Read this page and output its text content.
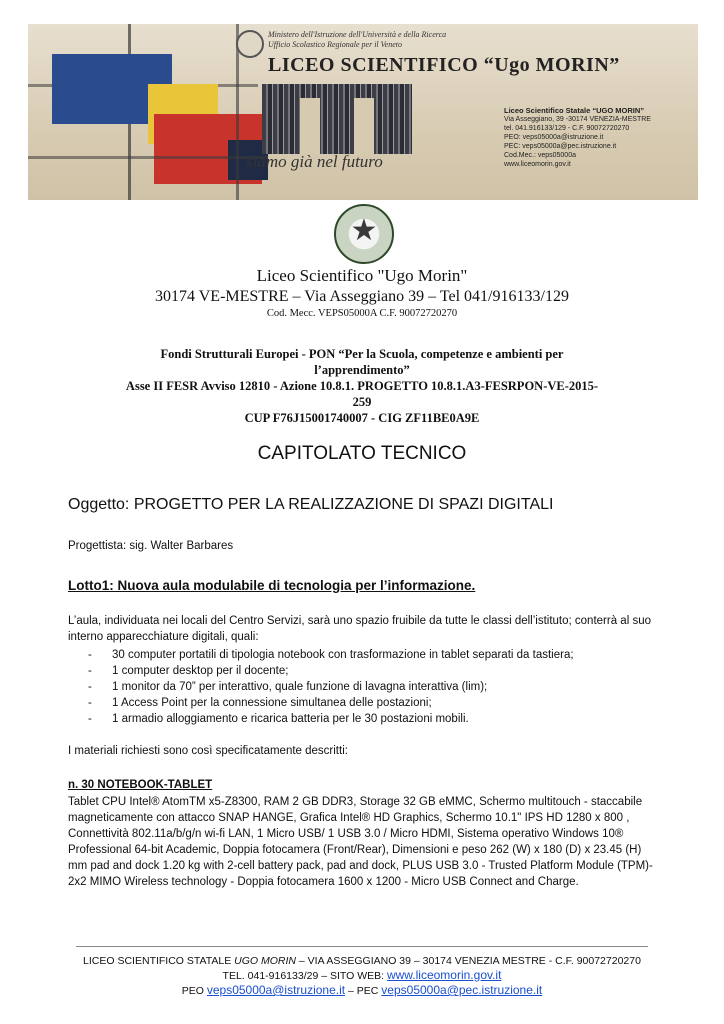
Ministero dell'Istruzione dell'Università e della Ricerca
Ufficio Scolastico Regionale per il Veneto
LICEO SCIENTIFICO “Ugo MORIN”
siamo già nel futuro
Liceo Scientifico Statale “UGO MORIN”
Via Asseggiano, 39 -30174 VENEZIA-MESTRE
tel. 041.916133/129 - C.F. 90072720270
PEO: veps05000a@istruzione.it
PEC: veps05000a@pec.istruzione.it
Cod.Mec.: veps05000a
www.liceomorin.gov.it
★
Liceo Scientifico "Ugo Morin"
30174 VE-MESTRE – Via Asseggiano 39 – Tel 041/916133/129
Cod. Mecc. VEPS05000A C.F. 90072720270
Fondi Strutturali Europei - PON “Per la Scuola, competenze e ambienti per l’apprendimento”
Asse II FESR Avviso 12810 - Azione 10.8.1. PROGETTO 10.8.1.A3-FESRPON-VE-2015-259
CUP F76J15001740007 - CIG ZF11BE0A9E
CAPITOLATO TECNICO
Oggetto: PROGETTO PER LA REALIZZAZIONE DI SPAZI DIGITALI
Progettista: sig. Walter Barbares
Lotto1: Nuova aula modulabile di tecnologia per l’informazione.
L’aula, individuata nei locali del Centro Servizi, sarà uno spazio fruibile da tutte le classi dell’istituto; conterrà al suo interno apparecchiature digitali, quali:
- 30 computer portatili di tipologia notebook con trasformazione in tablet separati da tastiera;
- 1 computer desktop per il docente;
- 1 monitor da 70” per interattivo, quale funzione di lavagna interattiva (lim);
- 1 Access Point per la connessione simultanea delle postazioni;
- 1 armadio alloggiamento e ricarica batteria per le 30 postazioni mobili.
I materiali richiesti sono così specificatamente descritti:
n. 30 NOTEBOOK-TABLET
Tablet CPU Intel® AtomTM x5-Z8300, RAM 2 GB DDR3, Storage 32 GB eMMC, Schermo multitouch - staccabile magneticamente con attacco SNAP HANGE, Grafica Intel® HD Graphics, Schermo 10.1" IPS HD 1280 x 800 , Connettività 802.11a/b/g/n wi-fi LAN, 1 Micro USB/ 1 USB 3.0 / Micro HDMI, Sistema operativo Windows 10® Professional 64-bit Academic, Doppia fotocamera (Front/Rear), Dimensioni e peso 262 (W) x 180 (D) x 23.45 (H) mm pad and dock 1.20 kg with 2-cell battery pack, pad and dock, PLUS USB 3.0 - Trusted Platform Module (TPM)- 2x2 MIMO Wireless technology - Doppia fotocamera 1600 x 1200 - Micro USB Connect and Charge.
LICEO SCIENTIFICO STATALE UGO MORIN – VIA ASSEGGIANO 39 – 30174 VENEZIA MESTRE - C.F. 90072720270
TEL. 041-916133/29 – SITO WEB: www.liceomorin.gov.it
PEO veps05000a@istruzione.it – PEC veps05000a@pec.istruzione.it
